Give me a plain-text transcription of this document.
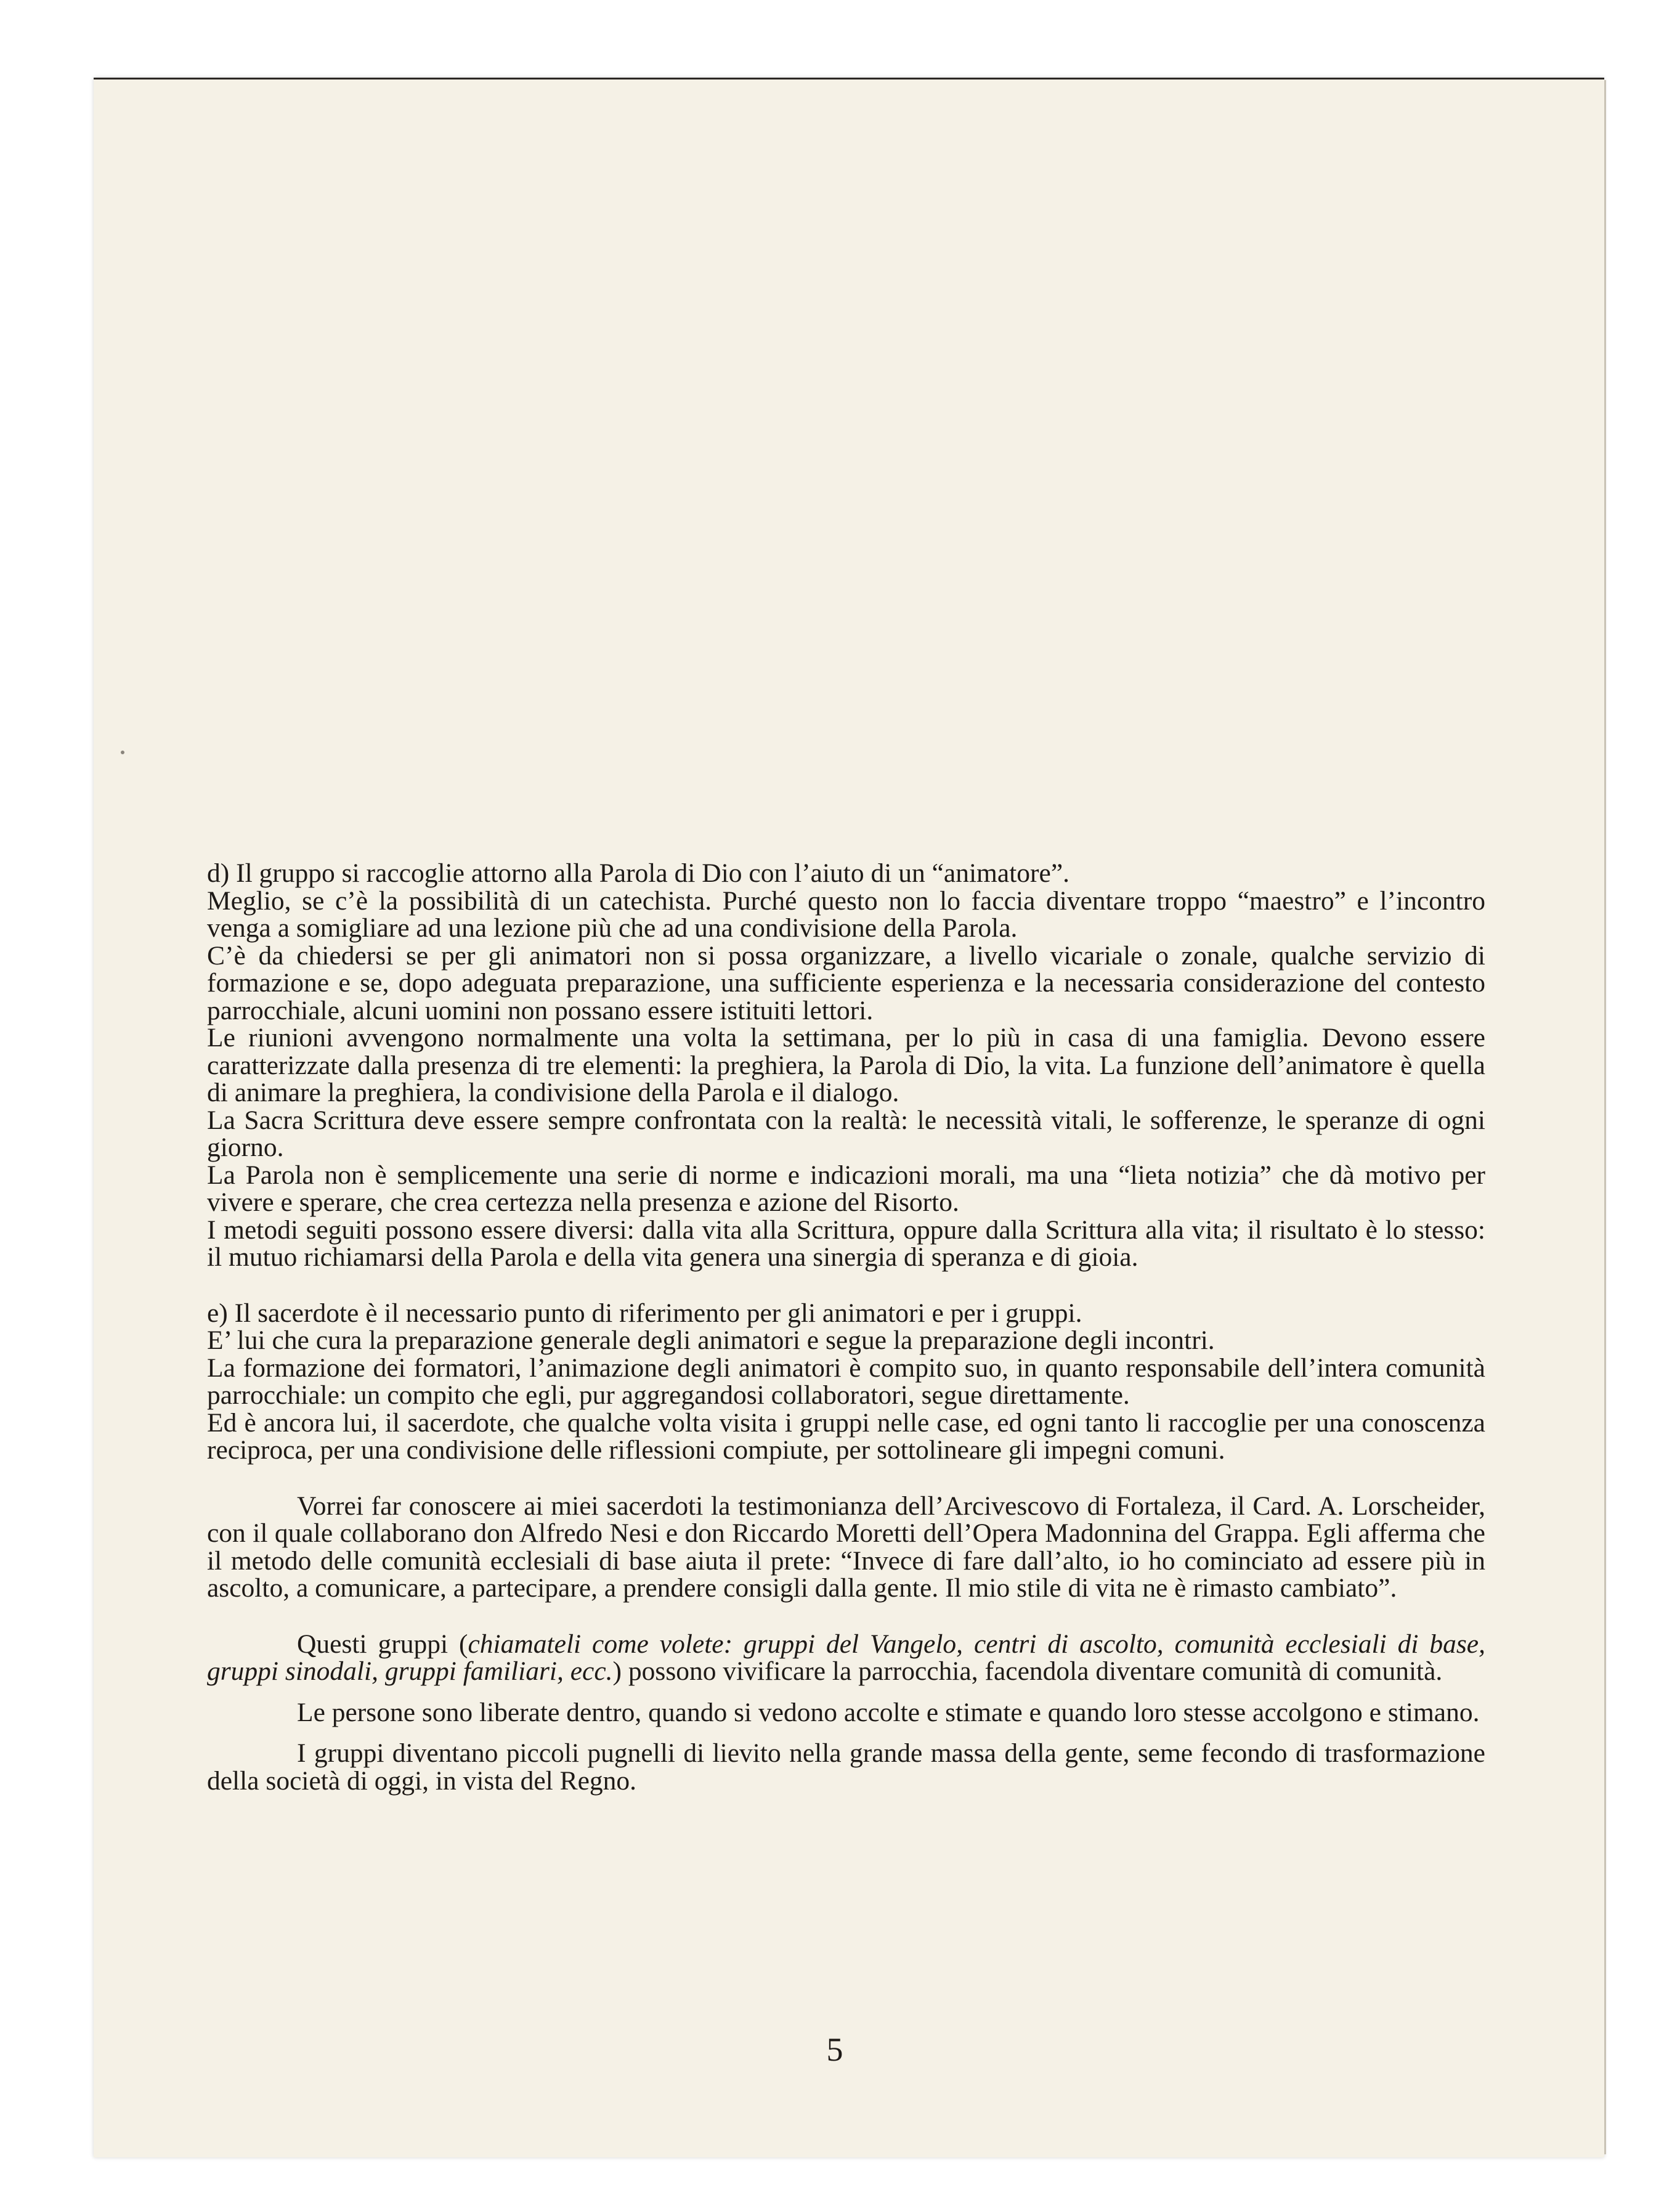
d) Il gruppo si raccoglie attorno alla Parola di Dio con l’aiuto di un “animatore”.

Meglio, se c’è la possibilità di un catechista. Purché questo non lo faccia diventare troppo “maestro” e l’incontro venga a somigliare ad una lezione più che ad una condivisione della Parola.

C’è da chiedersi se per gli animatori non si possa organizzare, a livello vicariale o zonale, qualche servizio di formazione e se, dopo adeguata preparazione, una sufficiente esperienza e la necessaria considerazione del contesto parrocchiale, alcuni uomini non possano essere istituiti lettori.

Le riunioni avvengono normalmente una volta la settimana, per lo più in casa di una famiglia. Devono essere caratterizzate dalla presenza di tre elementi: la preghiera, la Parola di Dio, la vita. La funzione dell’animatore è quella di animare la preghiera, la condivisione della Parola e il dialogo.

La Sacra Scrittura deve essere sempre confrontata con la realtà: le necessità vitali, le sofferenze, le speranze di ogni giorno.

La Parola non è semplicemente una serie di norme e indicazioni morali, ma una “lieta notizia” che dà motivo per vivere e sperare, che crea certezza nella presenza e azione del Risorto.

I metodi seguiti possono essere diversi: dalla vita alla Scrittura, oppure dalla Scrittura alla vita; il risultato è lo stesso: il mutuo richiamarsi della Parola e della vita genera una sinergia di speranza e di gioia.

e) Il sacerdote è il necessario punto di riferimento per gli animatori e per i gruppi.

E’ lui che cura la preparazione generale degli animatori e segue la preparazione degli incontri.

La formazione dei formatori, l’animazione degli animatori è compito suo, in quanto responsabile dell’intera comunità parrocchiale: un compito che egli, pur aggregandosi collaboratori, segue direttamente.

Ed è ancora lui, il sacerdote, che qualche volta visita i gruppi nelle case, ed ogni tanto li raccoglie per una conoscenza reciproca, per una condivisione delle riflessioni compiute, per sottolineare gli impegni comuni.

Vorrei far conoscere ai miei sacerdoti la testimonianza dell’Arcivescovo di Fortaleza, il Card. A. Lorscheider, con il quale collaborano don Alfredo Nesi e don Riccardo Moretti dell’Opera Madonnina del Grappa. Egli afferma che il metodo delle comunità ecclesiali di base aiuta il prete: “Invece di fare dall’alto, io ho cominciato ad essere più in ascolto, a comunicare, a partecipare, a prendere consigli dalla gente. Il mio stile di vita ne è rimasto cambiato”.

Questi gruppi (chiamateli come volete: gruppi del Vangelo, centri di ascolto, comunità ecclesiali di base, gruppi sinodali, gruppi familiari, ecc.) possono vivificare la parrocchia, facendola diventare comunità di comunità.

Le persone sono liberate dentro, quando si vedono accolte e stimate e quando loro stesse accolgono e stimano.

I gruppi diventano piccoli pugnelli di lievito nella grande massa della gente, seme fecondo di trasformazione della società di oggi, in vista del Regno.

5
